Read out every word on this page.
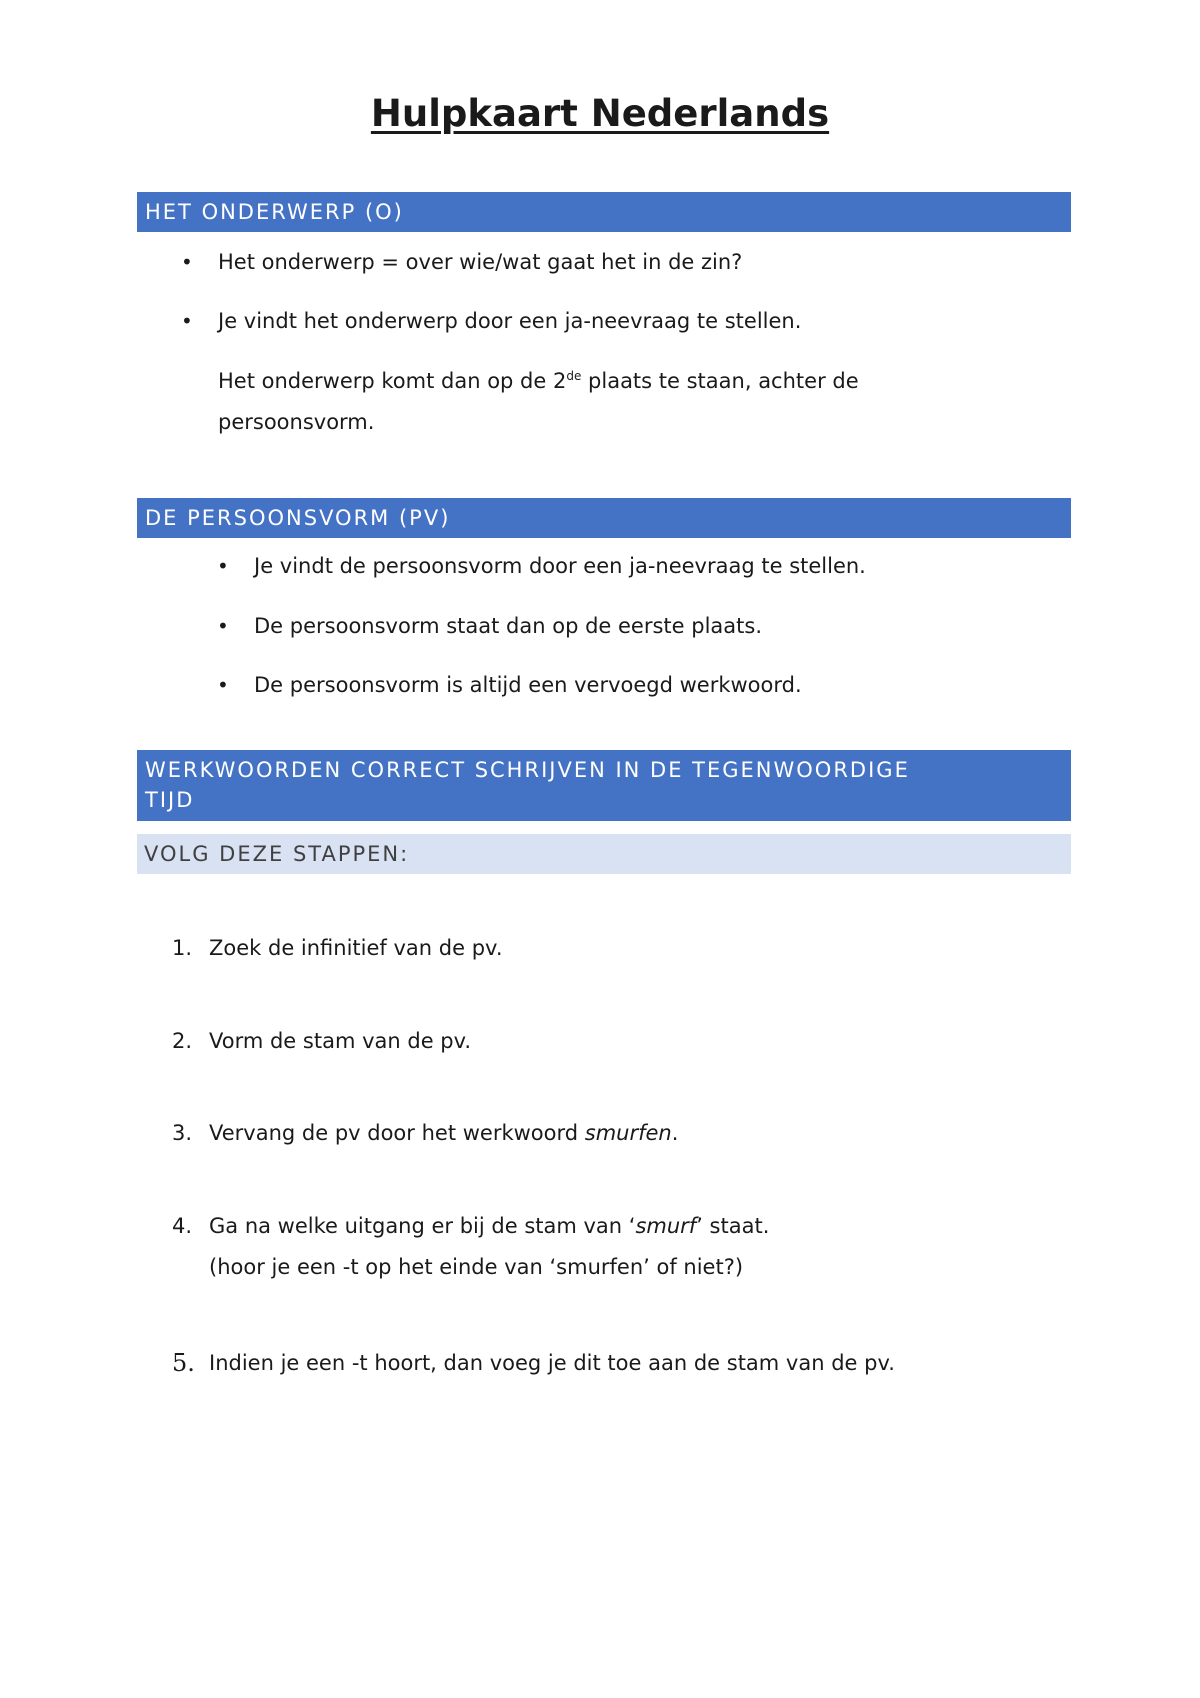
Hulpkaart Nederlands
HET ONDERWERP (O)
• Het onderwerp = over wie/wat gaat het in de zin?
• Je vindt het onderwerp door een ja-neevraag te stellen.
Het onderwerp komt dan op de 2de plaats te staan, achter de
persoonsvorm.
DE PERSOONSVORM (PV)
• Je vindt de persoonsvorm door een ja-neevraag te stellen.
• De persoonsvorm staat dan op de eerste plaats.
• De persoonsvorm is altijd een vervoegd werkwoord.
WERKWOORDEN CORRECT SCHRIJVEN IN DE TEGENWOORDIGE
TIJD
VOLG DEZE STAPPEN:
1. Zoek de infinitief van de pv.
2. Vorm de stam van de pv.
3. Vervang de pv door het werkwoord smurfen.
4. Ga na welke uitgang er bij de stam van ‘smurf’ staat.
(hoor je een -t op het einde van ‘smurfen’ of niet?)
5. Indien je een -t hoort, dan voeg je dit toe aan de stam van de pv.
